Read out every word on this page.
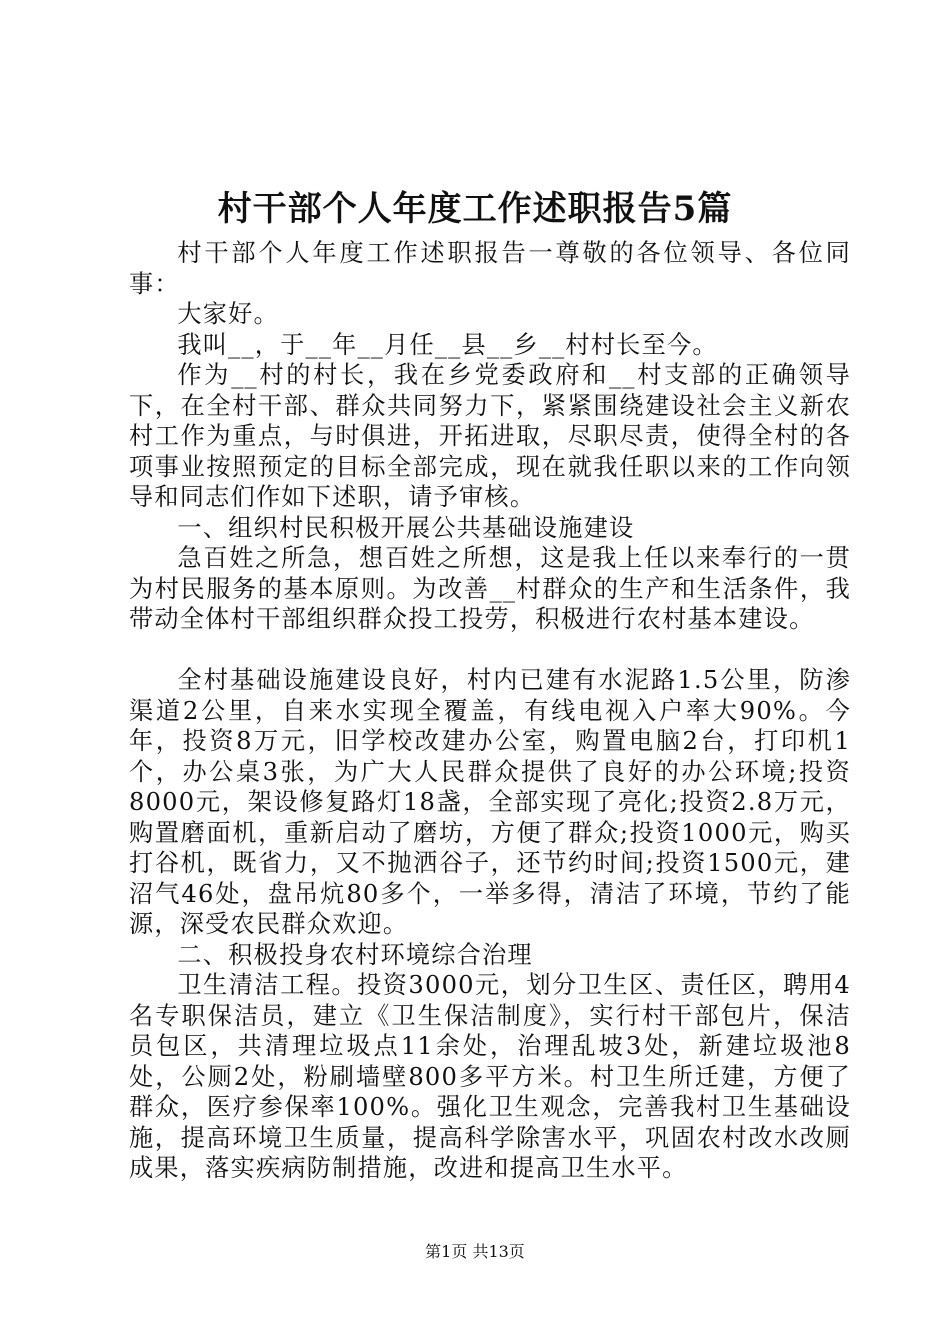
村干部个人年度工作述职报告5篇

村干部个人年度工作述职报告一尊敬的各位领导、各位同事：

大家好。

我叫__，于__年__月任__县__乡__村村长至今。

作为__村的村长，我在乡党委政府和__村支部的正确领导下，在全村干部、群众共同努力下，紧紧围绕建设社会主义新农村工作为重点，与时俱进，开拓进取，尽职尽责，使得全村的各项事业按照预定的目标全部完成，现在就我任职以来的工作向领导和同志们作如下述职，请予审核。

一、组织村民积极开展公共基础设施建设

急百姓之所急，想百姓之所想，这是我上任以来奉行的一贯为村民服务的基本原则。为改善__村群众的生产和生活条件，我带动全体村干部组织群众投工投劳，积极进行农村基本建设。

全村基础设施建设良好，村内已建有水泥路1.5公里，防渗渠道2公里，自来水实现全覆盖，有线电视入户率大90%。今年，投资8万元，旧学校改建办公室，购置电脑2台，打印机1个，办公桌3张，为广大人民群众提供了良好的办公环境;投资8000元，架设修复路灯18盏，全部实现了亮化;投资2.8万元，购置磨面机，重新启动了磨坊，方便了群众;投资1000元，购买打谷机，既省力，又不抛洒谷子，还节约时间;投资1500元，建沼气46处，盘吊炕80多个，一举多得，清洁了环境，节约了能源，深受农民群众欢迎。

二、积极投身农村环境综合治理

卫生清洁工程。投资3000元，划分卫生区、责任区，聘用4名专职保洁员，建立《卫生保洁制度》，实行村干部包片，保洁员包区，共清理垃圾点11余处，治理乱坡3处，新建垃圾池8处，公厕2处，粉刷墙壁800多平方米。村卫生所迁建，方便了群众，医疗参保率100%。强化卫生观念，完善我村卫生基础设施，提高环境卫生质量，提高科学除害水平，巩固农村改水改厕成果，落实疾病防制措施，改进和提高卫生水平。

第1页 共13页
